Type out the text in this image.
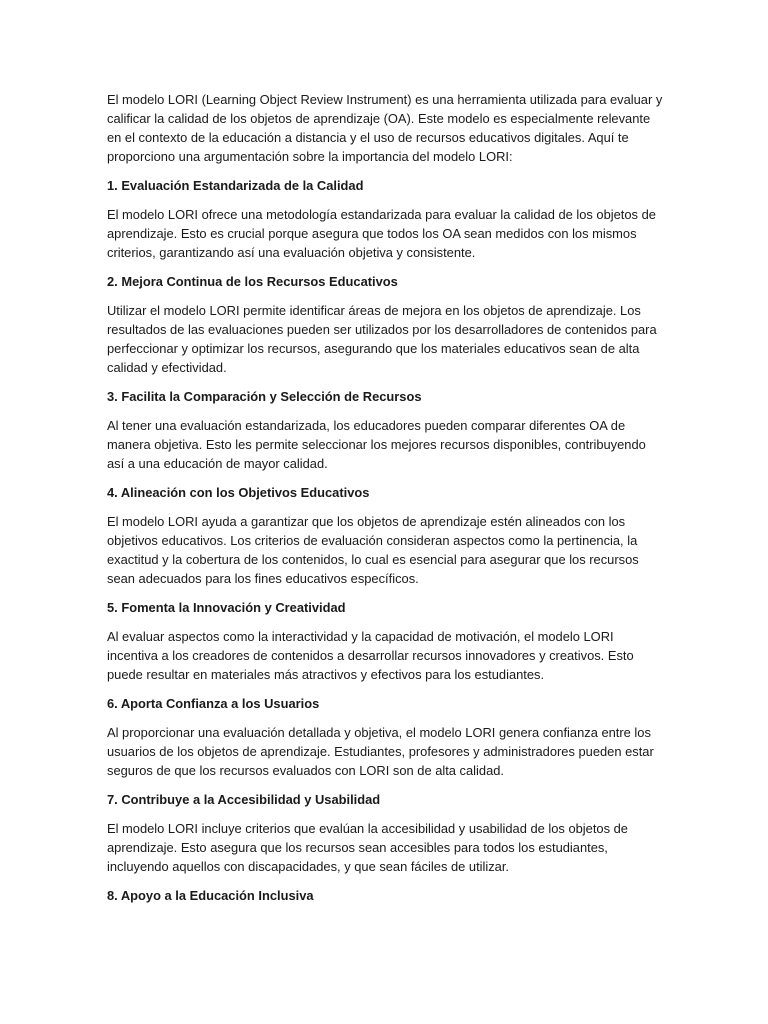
El modelo LORI (Learning Object Review Instrument) es una herramienta utilizada para evaluar y calificar la calidad de los objetos de aprendizaje (OA). Este modelo es especialmente relevante en el contexto de la educación a distancia y el uso de recursos educativos digitales. Aquí te proporciono una argumentación sobre la importancia del modelo LORI:

1. Evaluación Estandarizada de la Calidad

El modelo LORI ofrece una metodología estandarizada para evaluar la calidad de los objetos de aprendizaje. Esto es crucial porque asegura que todos los OA sean medidos con los mismos criterios, garantizando así una evaluación objetiva y consistente.

2. Mejora Continua de los Recursos Educativos

Utilizar el modelo LORI permite identificar áreas de mejora en los objetos de aprendizaje. Los resultados de las evaluaciones pueden ser utilizados por los desarrolladores de contenidos para perfeccionar y optimizar los recursos, asegurando que los materiales educativos sean de alta calidad y efectividad.

3. Facilita la Comparación y Selección de Recursos

Al tener una evaluación estandarizada, los educadores pueden comparar diferentes OA de manera objetiva. Esto les permite seleccionar los mejores recursos disponibles, contribuyendo así a una educación de mayor calidad.

4. Alineación con los Objetivos Educativos

El modelo LORI ayuda a garantizar que los objetos de aprendizaje estén alineados con los objetivos educativos. Los criterios de evaluación consideran aspectos como la pertinencia, la exactitud y la cobertura de los contenidos, lo cual es esencial para asegurar que los recursos sean adecuados para los fines educativos específicos.

5. Fomenta la Innovación y Creatividad

Al evaluar aspectos como la interactividad y la capacidad de motivación, el modelo LORI incentiva a los creadores de contenidos a desarrollar recursos innovadores y creativos. Esto puede resultar en materiales más atractivos y efectivos para los estudiantes.

6. Aporta Confianza a los Usuarios

Al proporcionar una evaluación detallada y objetiva, el modelo LORI genera confianza entre los usuarios de los objetos de aprendizaje. Estudiantes, profesores y administradores pueden estar seguros de que los recursos evaluados con LORI son de alta calidad.

7. Contribuye a la Accesibilidad y Usabilidad

El modelo LORI incluye criterios que evalúan la accesibilidad y usabilidad de los objetos de aprendizaje. Esto asegura que los recursos sean accesibles para todos los estudiantes, incluyendo aquellos con discapacidades, y que sean fáciles de utilizar.

8. Apoyo a la Educación Inclusiva
